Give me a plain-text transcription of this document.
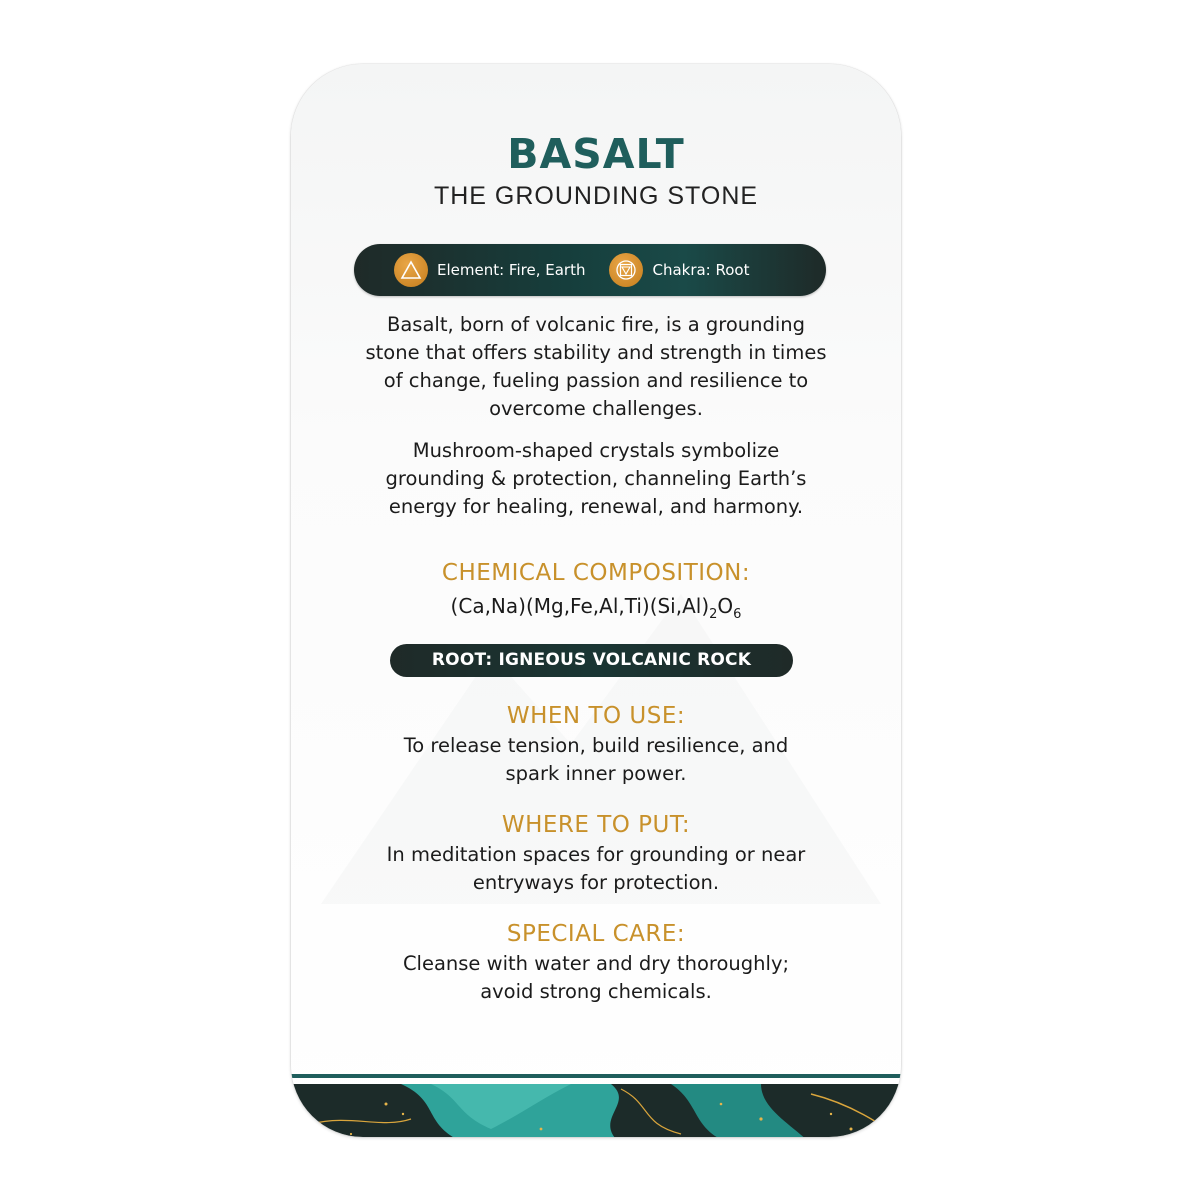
BASALT
THE GROUNDING STONE
Element: Fire, Earth	Chakra: Root
Basalt, born of volcanic fire, is a grounding
stone that offers stability and strength in times
of change, fueling passion and resilience to
overcome challenges.
Mushroom-shaped crystals symbolize
grounding & protection, channeling Earth’s
energy for healing, renewal, and harmony.
CHEMICAL COMPOSITION:
$(Ca,Na)(Mg,Fe,Al,Ti)(Si,Al)_2O_6$
ROOT: IGNEOUS VOLCANIC ROCK
WHEN TO USE:
To release tension, build resilience, and
spark inner power.
WHERE TO PUT:
In meditation spaces for grounding or near
entryways for protection.
SPECIAL CARE:
Cleanse with water and dry thoroughly;
avoid strong chemicals.
